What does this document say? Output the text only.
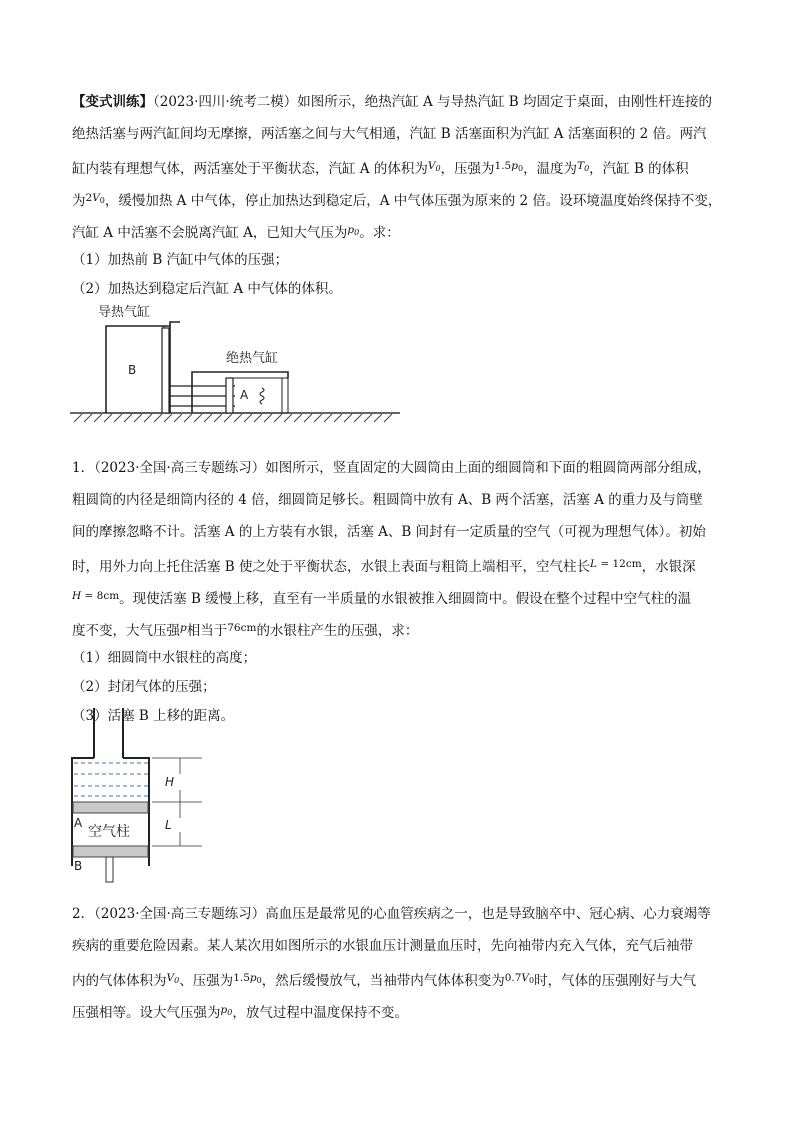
【变式训练】（2023·四川·统考二模）如图所示，绝热汽缸 A 与导热汽缸 B 均固定于桌面，由刚性杆连接的
绝热活塞与两汽缸间均无摩擦，两活塞之间与大气相通，汽缸 B 活塞面积为汽缸 A 活塞面积的 2 倍。两汽
缸内装有理想气体，两活塞处于平衡状态，汽缸 A 的体积为$^{V_0}$，压强为$^{1.5p_0}$，温度为$^{T_0}$，汽缸 B 的体积
为$^{2V_0}$，缓慢加热 A 中气体，停止加热达到稳定后，A 中气体压强为原来的 2 倍。设环境温度始终保持不变，
汽缸 A 中活塞不会脱离汽缸 A，已知大气压为$^{p_0}$。求：
（1）加热前 B 汽缸中气体的压强；
（2）加热达到稳定后汽缸 A 中气体的体积。
导热气缸
绝热气缸
B
A
1．（2023·全国·高三专题练习）如图所示，竖直固定的大圆筒由上面的细圆筒和下面的粗圆筒两部分组成，
粗圆筒的内径是细筒内径的 4 倍，细圆筒足够长。粗圆筒中放有 A、B 两个活塞，活塞 A 的重力及与筒壁
间的摩擦忽略不计。活塞 A 的上方装有水银，活塞 A、B 间封有一定质量的空气（可视为理想气体）。初始
时，用外力向上托住活塞 B 使之处于平衡状态，水银上表面与粗筒上端相平，空气柱长$^{L = 12cm}$，水银深
$^{H = 8cm}$。现使活塞 B 缓慢上移，直至有一半质量的水银被推入细圆筒中。假设在整个过程中空气柱的温
度不变，大气压强$^p$相当于$^{76cm}$的水银柱产生的压强，求：
（1）细圆筒中水银柱的高度；
（2）封闭气体的压强；
（3）活塞 B 上移的距离。
A
B
空气柱
H
L
2．（2023·全国·高三专题练习）高血压是最常见的心血管疾病之一，也是导致脑卒中、冠心病、心力衰竭等
疾病的重要危险因素。某人某次用如图所示的水银血压计测量血压时，先向袖带内充入气体，充气后袖带
内的气体体积为$^{V_0}$、压强为$^{1.5p_0}$，然后缓慢放气，当袖带内气体体积变为$^{0.7V_0}$时，气体的压强刚好与大气
压强相等。设大气压强为$^{p_0}$，放气过程中温度保持不变。
